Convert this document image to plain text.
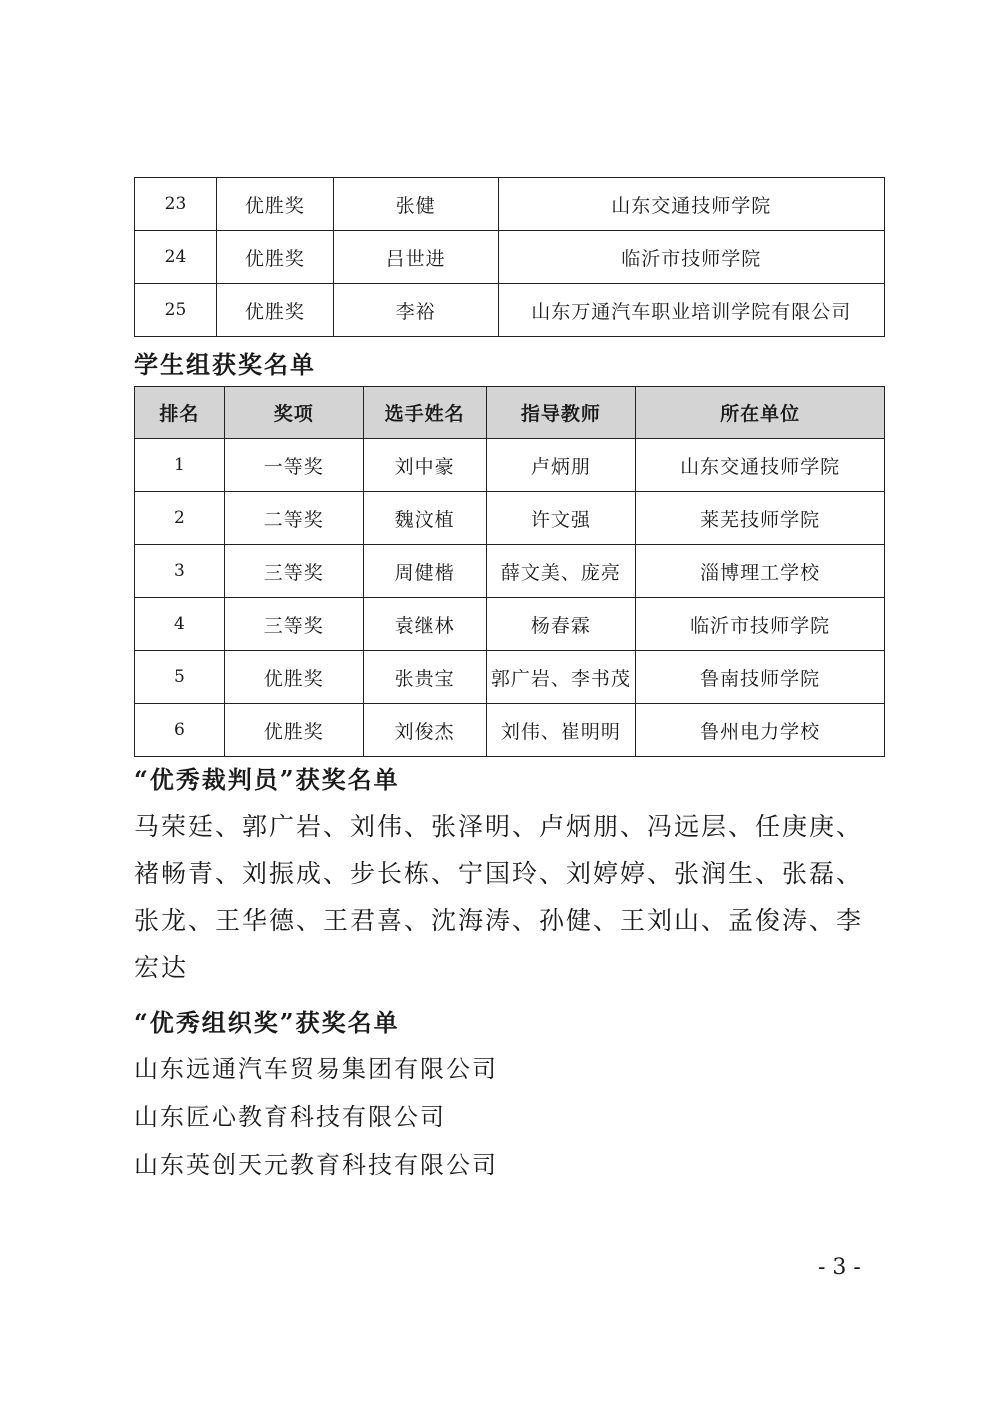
23	优胜奖	张健	山东交通技师学院
24	优胜奖	吕世进	临沂市技师学院
25	优胜奖	李裕	山东万通汽车职业培训学院有限公司
学生组获奖名单
排名	奖项	选手姓名	指导教师	所在单位
1	一等奖	刘中豪	卢炳朋	山东交通技师学院
2	二等奖	魏汶植	许文强	莱芜技师学院
3	三等奖	周健楷	薛文美、庞亮	淄博理工学校
4	三等奖	袁继林	杨春霖	临沂市技师学院
5	优胜奖	张贵宝	郭广岩、李书茂	鲁南技师学院
6	优胜奖	刘俊杰	刘伟、崔明明	鲁州电力学校
“优秀裁判员”获奖名单

马荣廷、郭广岩、刘伟、张泽明、卢炳朋、冯远层、任庚庚、褚畅青、刘振成、步长栋、宁国玲、刘婷婷、张润生、张磊、张龙、王华德、王君喜、沈海涛、孙健、王刘山、孟俊涛、李宏达

“优秀组织奖”获奖名单
山东远通汽车贸易集团有限公司
山东匠心教育科技有限公司
山东英创天元教育科技有限公司
- 3 -
